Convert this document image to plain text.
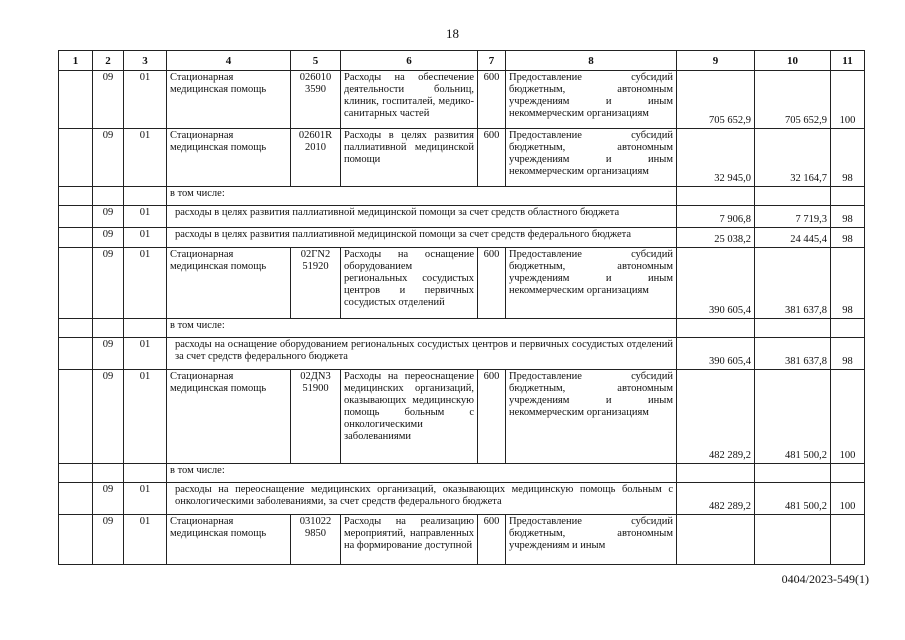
18
1	2	3	4	5	6	7	8	9	10	11
	09	01	Стационарная медицинская помощь	026010 3590	Расходы на обеспечение деятельности больниц, клиник, госпиталей, медико-санитарных частей	600	Предоставление субсидий бюджетным, автономным учреждениям и иным некоммерческим организациям	705 652,9	705 652,9	100
	09	01	Стационарная медицинская помощь	02601R 2010	Расходы в целях развития паллиативной медицинской помощи	600	Предоставление субсидий бюджетным, автономным учреждениям и иным некоммерческим организациям	32 945,0	32 164,7	98
			в том числе:							
	09	01	расходы в целях развития паллиативной медицинской помощи за счет средств областного бюджета					7 906,8	7 719,3	98
	09	01	расходы в целях развития паллиативной медицинской помощи за счет средств федерального бюджета					25 038,2	24 445,4	98
	09	01	Стационарная медицинская помощь	02ГN2 51920	Расходы на оснащение оборудованием региональных сосудистых центров и первичных сосудистых отделений	600	Предоставление субсидий бюджетным, автономным учреждениям и иным некоммерческим организациям	390 605,4	381 637,8	98
			в том числе:							
	09	01	расходы на оснащение оборудованием региональных сосудистых центров и первичных сосудистых отделений за счет средств федерального бюджета					390 605,4	381 637,8	98
	09	01	Стационарная медицинская помощь	02ДN3 51900	Расходы на переоснащение медицинских организаций, оказывающих медицинскую помощь больным с онкологическими заболеваниями	600	Предоставление субсидий бюджетным, автономным учреждениям и иным некоммерческим организациям	482 289,2	481 500,2	100
			в том числе:							
	09	01	расходы на переоснащение медицинских организаций, оказывающих медицинскую помощь больным с онкологическими заболеваниями, за счет средств федерального бюджета					482 289,2	481 500,2	100
	09	01	Стационарная медицинская помощь	031022 9850	Расходы на реализацию мероприятий, направленных на формирование доступной	600	Предоставление субсидий бюджетным, автономным учреждениям и иным			
0404/2023-549(1)
